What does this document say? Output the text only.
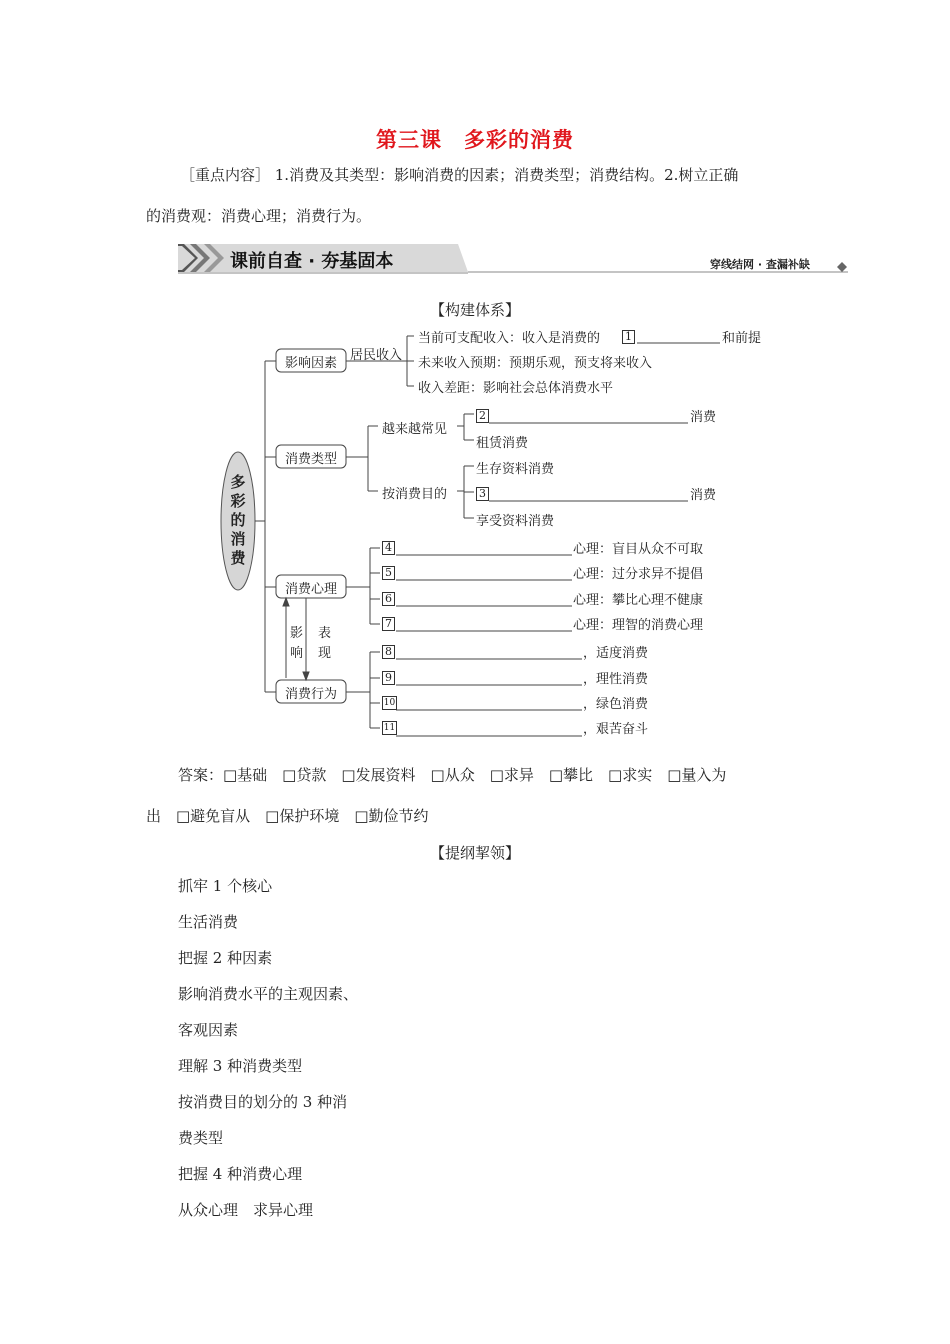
第三课　多彩的消费
［重点内容］ 1.消费及其类型：影响消费的因素；消费类型；消费结构。2.树立正确
的消费观：消费心理；消费行为。
课前自查 · 夯基固本	穿线结网 · 查漏补缺
【构建体系】
多彩的消费
影响因素
消费类型
消费心理
消费行为
影响
表现
居民收入
当前可支配收入：收入是消费的 1	和前提
未来收入预期：预期乐观，预支将来收入
收入差距：影响社会总体消费水平
越来越常见
2	消费
租赁消费
按消费目的
生存资料消费
3	消费
享受资料消费
4	心理：盲目从众不可取
5	心理：过分求异不提倡
6	心理：攀比心理不健康
7	心理：理智的消费心理
8	，适度消费
9	，理性消费
10	，绿色消费
11	，艰苦奋斗
答案：□基础　□贷款　□发展资料　□从众　□求异　□攀比　□求实　□量入为
出　□避免盲从　□保护环境　□勤俭节约
【提纲挈领】
抓牢 1 个核心
生活消费
把握 2 种因素
影响消费水平的主观因素、
客观因素
理解 3 种消费类型
按消费目的划分的 3 种消
费类型
把握 4 种消费心理
从众心理　求异心理
